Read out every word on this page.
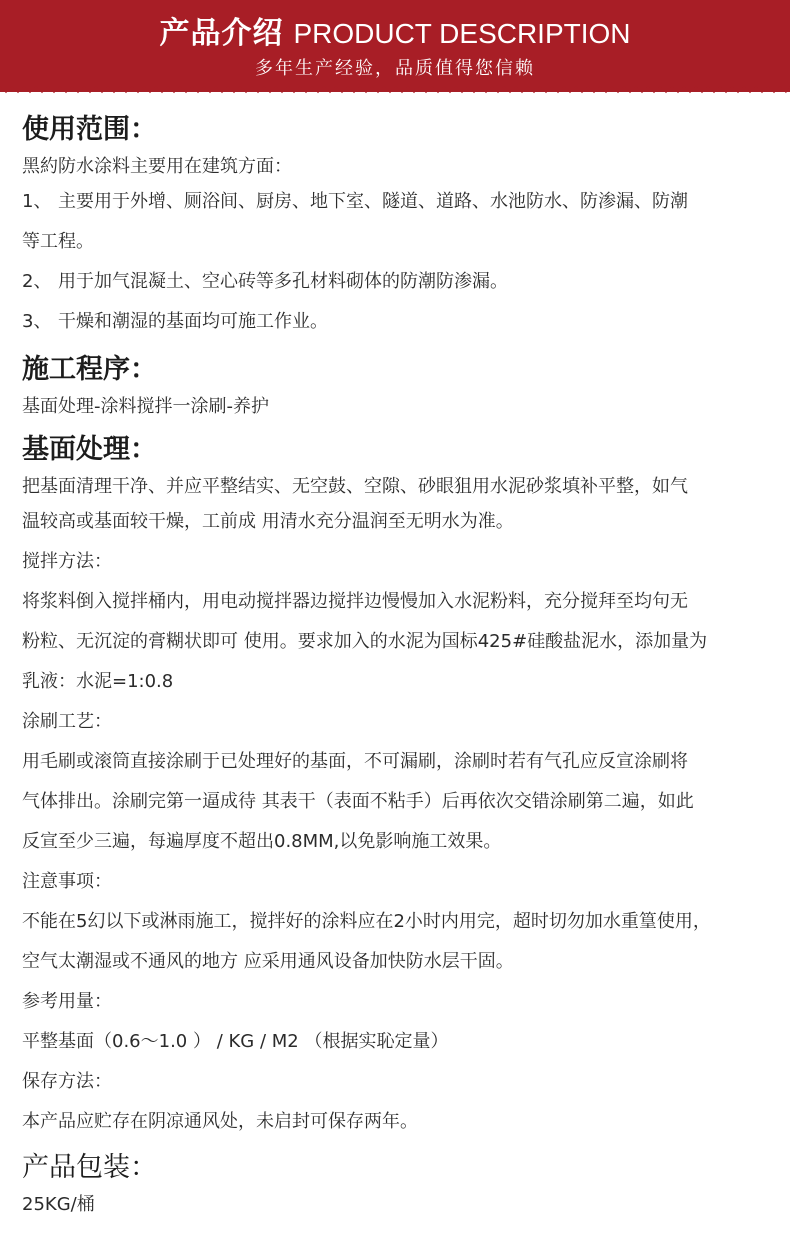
产品介绍 PRODUCT DESCRIPTION
多年生产经验，品质值得您信赖
使用范围：
黑約防水涂料主要用在建筑方面：
1、 主要用于外增、厕浴间、厨房、地下室、隧道、道路、水池防水、防渗漏、防潮
等工程。
2、 用于加气混凝土、空心砖等多孔材料砌体的防潮防渗漏。
3、 干燥和潮湿的基面均可施工作业。
施工程序：
基面处理-涂料搅拌一涂刷-养护
基面处理：
把基面清理干净、并应平整结实、无空鼓、空隙、砂眼狙用水泥砂浆填补平整，如气
温较高或基面较干燥，工前成 用清水充分温润至无明水为准。
搅拌方法：
将浆料倒入搅拌桶内，用电动搅拌器边搅拌边慢慢加入水泥粉料，充分搅拜至均句无
粉粒、无沉淀的膏糊状即可 使用。要求加入的水泥为国标425#硅酸盐泥水，添加量为
乳液：水泥=1:0.8
涂刷工艺：
用毛刷或滚筒直接涂刷于已处理好的基面，不可漏刷，涂刷时若有气孔应反宣涂刷将
气体排出。涂刷完第一逼成待 其表干（表面不粘手）后再依次交错涂刷第二遍，如此
反宣至少三遍，每遍厚度不超出0.8MM,以免影响施工效果。
注意事项：
不能在5幻以下或淋雨施工，搅拌好的涂料应在2小时内用完，超时切勿加水重篁使用，
空气太潮湿或不通风的地方 应采用通风设备加快防水层干固。
参考用量：
平整基面（0.6～1.0 ） / KG / M2 （根据实恥定量）
保存方法：
本产品应贮存在阴凉通风处，未启封可保存两年。
产品包装：
25KG/桶
